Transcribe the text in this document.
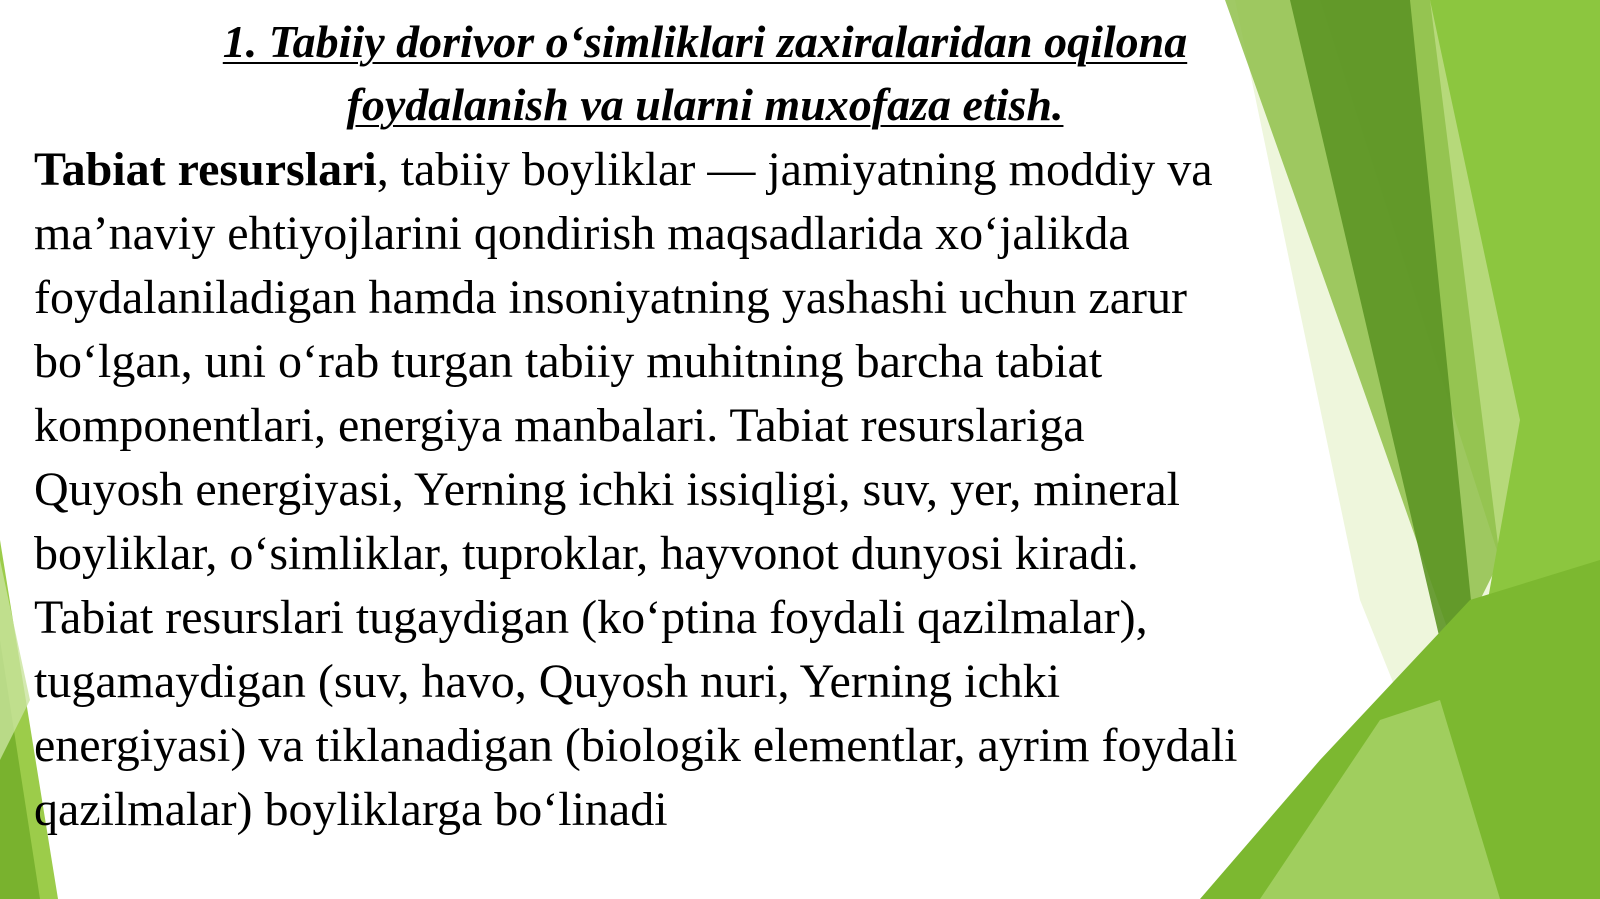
1. Tabiiy dorivor o‘simliklari zaxiralaridan oqilona
foydalanish va ularni muxofaza etish.
Tabiat resurslari, tabiiy boyliklar — jamiyatning moddiy va
ma’naviy ehtiyojlarini qondirish maqsadlarida xo‘jalikda
foydalaniladigan hamda insoniyatning yashashi uchun zarur
bo‘lgan, uni o‘rab turgan tabiiy muhitning barcha tabiat
komponentlari, energiya manbalari. Tabiat resurslariga
Quyosh energiyasi, Yerning ichki issiqligi, suv, yer, mineral
boyliklar, o‘simliklar, tuproklar, hayvonot dunyosi kiradi.
Tabiat resurslari tugaydigan (ko‘ptina foydali qazilmalar),
tugamaydigan (suv, havo, Quyosh nuri, Yerning ichki
energiyasi) va tiklanadigan (biologik elementlar, ayrim foydali
qazilmalar) boyliklarga bo‘linadi
